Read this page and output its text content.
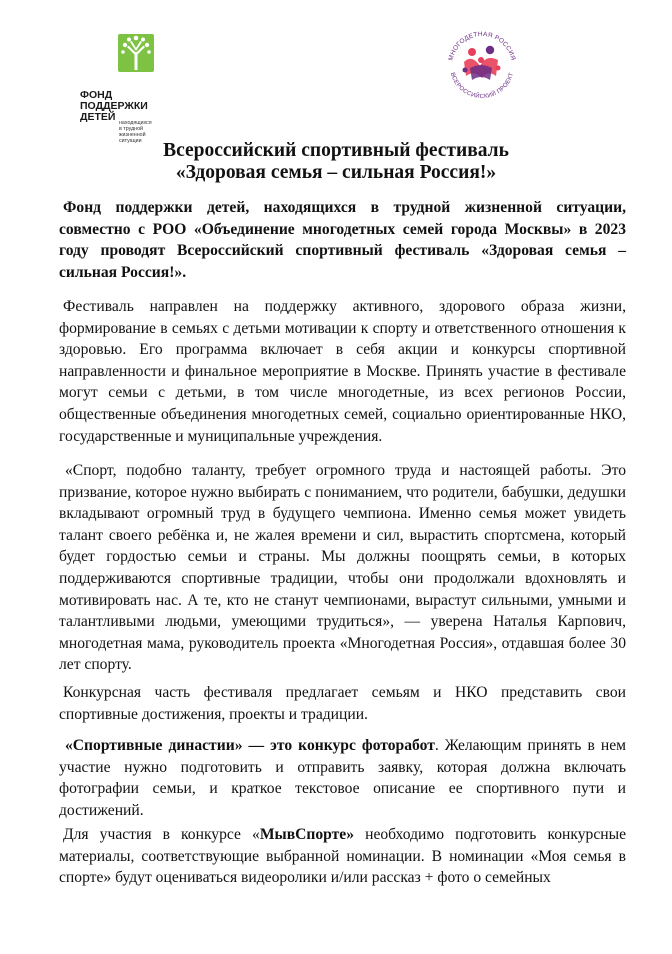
ФОНД
ПОДДЕРЖКИ
ДЕТЕЙ находящихся
в трудной
жизненной
ситуации
МНОГОДЕТНАЯ РОССИЯ
ВСЕРОССИЙСКИЙ ПРОЕКТ
Всероссийский спортивный фестиваль
«Здоровая семья – сильная Россия!»
Фонд поддержки детей, находящихся в трудной жизненной ситуации, совместно с РОО «Объединение многодетных семей города Москвы» в 2023 году проводят Всероссийский спортивный фестиваль «Здоровая семья – сильная Россия!».
Фестиваль направлен на поддержку активного, здорового образа жизни, формирование в семьях с детьми мотивации к спорту и ответственного отношения к здоровью. Его программа включает в себя акции и конкурсы спортивной направленности и финальное мероприятие в Москве. Принять участие в фестивале могут семьи с детьми, в том числе многодетные, из всех регионов России, общественные объединения многодетных семей, социально ориентированные НКО, государственные и муниципальные учреждения.
«Спорт, подобно таланту, требует огромного труда и настоящей работы. Это призвание, которое нужно выбирать с пониманием, что родители, бабушки, дедушки вкладывают огромный труд в будущего чемпиона. Именно семья может увидеть талант своего ребёнка и, не жалея времени и сил, вырастить спортсмена, который будет гордостью семьи и страны. Мы должны поощрять семьи, в которых поддерживаются спортивные традиции, чтобы они продолжали вдохновлять и мотивировать нас. А те, кто не станут чемпионами, вырастут сильными, умными и талантливыми людьми, умеющими трудиться», — уверена Наталья Карпович, многодетная мама, руководитель проекта «Многодетная Россия», отдавшая более 30 лет спорту.
Конкурсная часть фестиваля предлагает семьям и НКО представить свои спортивные достижения, проекты и традиции.
«Спортивные династии» — это конкурс фоторабот. Желающим принять в нем участие нужно подготовить и отправить заявку, которая должна включать фотографии семьи, и краткое текстовое описание ее спортивного пути и достижений.
Для участия в конкурсе «МывСпорте» необходимо подготовить конкурсные материалы, соответствующие выбранной номинации. В номинации «Моя семья в спорте» будут оцениваться видеоролики и/или рассказ + фото о семейных
